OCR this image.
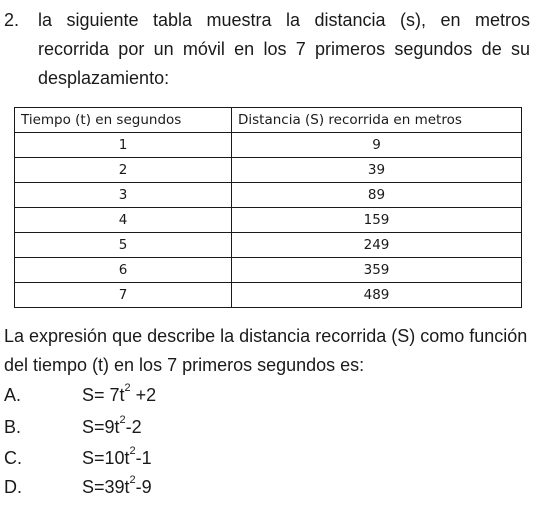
2. la siguiente tabla muestra la distancia (s), en metros recorrida por un móvil en los 7 primeros segundos de su desplazamiento:
Tiempo (t) en segundos	Distancia (S) recorrida en metros
1	9
2	39
3	89
4	159
5	249
6	359
7	489
La expresión que describe la distancia recorrida (S) como función del tiempo (t) en los 7 primeros segundos es:
A.	$S= 7t^2 +2$
B.	$S=9t^2-2$
C.	$S=10t^2-1$
D.	$S=39t^2-9$
